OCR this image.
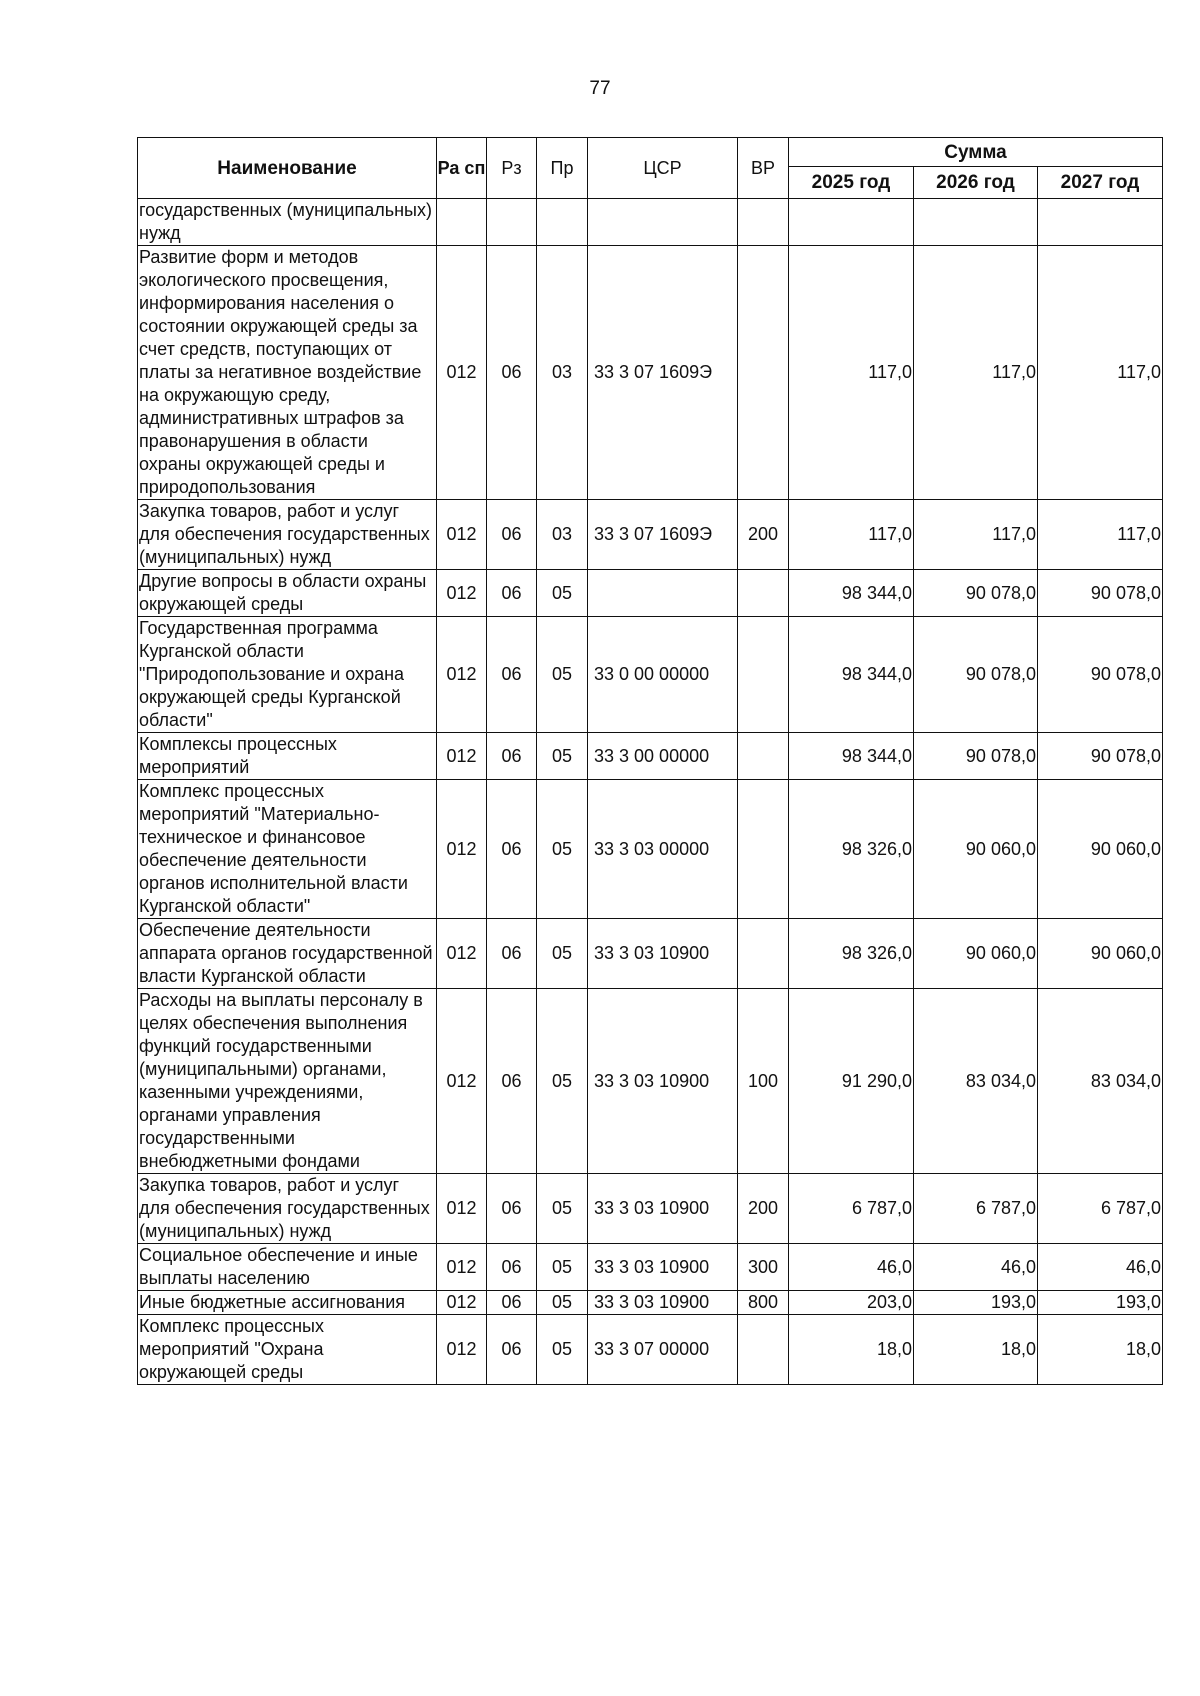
77
Наименование	Ра сп	Рз	Пр	ЦСР	ВР	Сумма		
						2025 год	2026 год	2027 год
государственных (муниципальных) нужд								
Развитие форм и методов экологического просвещения, информирования населения о состоянии окружающей среды за счет средств, поступающих от платы за негативное воздействие на окружающую среду, административных штрафов за правонарушения в области охраны окружающей среды и природопользования	012	06	03	33 3 07 1609Э		117,0	117,0	117,0
Закупка товаров, работ и услуг для обеспечения государственных (муниципальных) нужд	012	06	03	33 3 07 1609Э	200	117,0	117,0	117,0
Другие вопросы в области охраны окружающей среды	012	06	05			98 344,0	90 078,0	90 078,0
Государственная программа Курганской области "Природопользование и охрана окружающей среды Курганской области"	012	06	05	33 0 00 00000		98 344,0	90 078,0	90 078,0
Комплексы процессных мероприятий	012	06	05	33 3 00 00000		98 344,0	90 078,0	90 078,0
Комплекс процессных мероприятий "Материально-техническое и финансовое обеспечение деятельности органов исполнительной власти Курганской области"	012	06	05	33 3 03 00000		98 326,0	90 060,0	90 060,0
Обеспечение деятельности аппарата органов государственной власти Курганской области	012	06	05	33 3 03 10900		98 326,0	90 060,0	90 060,0
Расходы на выплаты персоналу в целях обеспечения выполнения функций государственными (муниципальными) органами, казенными учреждениями, органами управления государственными внебюджетными фондами	012	06	05	33 3 03 10900	100	91 290,0	83 034,0	83 034,0
Закупка товаров, работ и услуг для обеспечения государственных (муниципальных) нужд	012	06	05	33 3 03 10900	200	6 787,0	6 787,0	6 787,0
Социальное обеспечение и иные выплаты населению	012	06	05	33 3 03 10900	300	46,0	46,0	46,0
Иные бюджетные ассигнования	012	06	05	33 3 03 10900	800	203,0	193,0	193,0
Комплекс процессных мероприятий "Охрана окружающей среды	012	06	05	33 3 07 00000		18,0	18,0	18,0
